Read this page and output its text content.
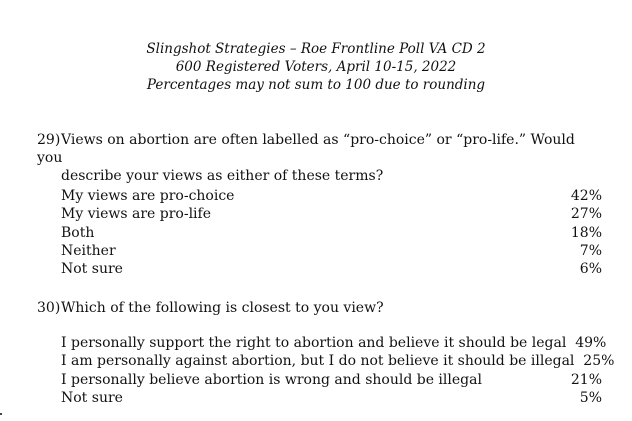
Slingshot Strategies – Roe Frontline Poll VA CD 2
600 Registered Voters, April 10-15, 2022
Percentages may not sum to 100 due to rounding
29)Views on abortion are often labelled as “pro-choice” or “pro-life.” Would you
describe your views as either of these terms?
My views are pro-choice	42%
My views are pro-life	27%
Both	18%
Neither	7%
Not sure	6%
30)Which of the following is closest to you view?
I personally support the right to abortion and believe it should be legal 49%
I am personally against abortion, but I do not believe it should be illegal 25%
I personally believe abortion is wrong and should be illegal	21%
Not sure	5%
